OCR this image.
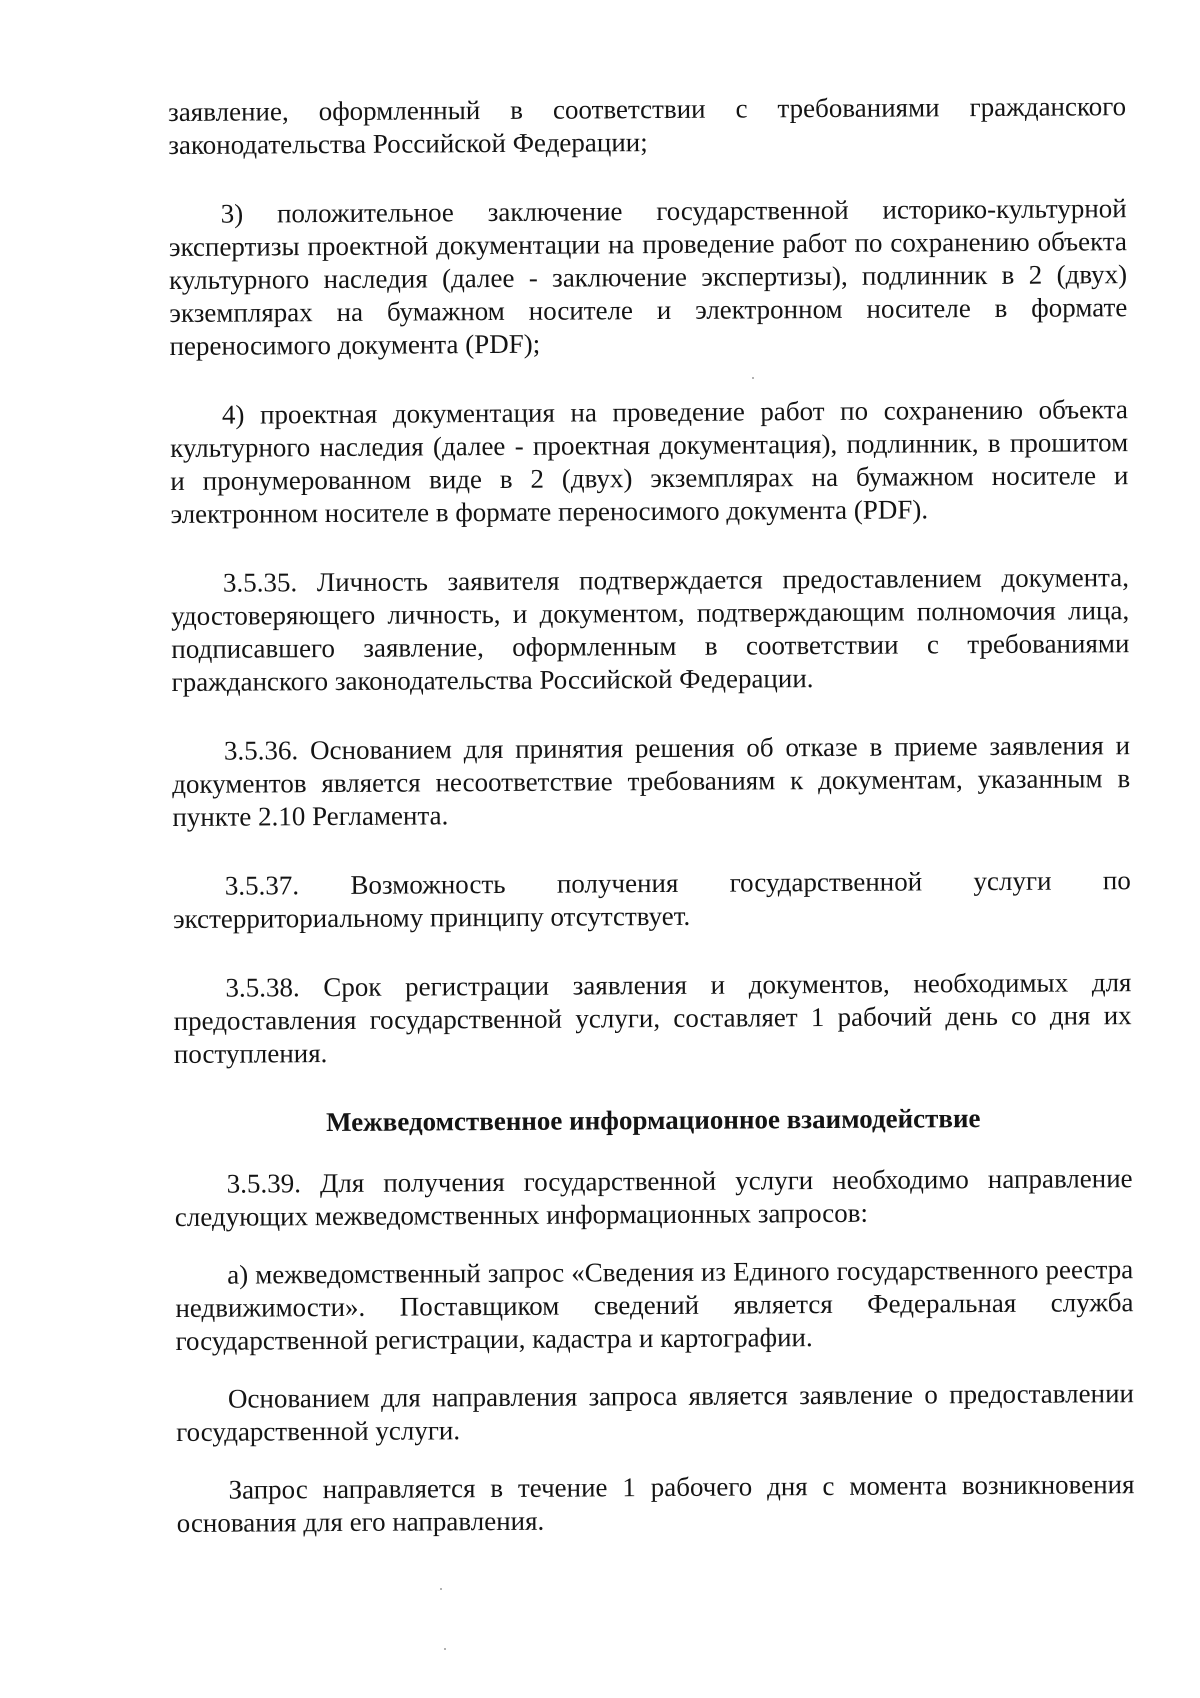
заявление, оформленный в соответствии с требованиями гражданского законодательства Российской Федерации;

3) положительное заключение государственной историко-культурной экспертизы проектной документации на проведение работ по сохранению объекта культурного наследия (далее - заключение экспертизы), подлинник в 2 (двух) экземплярах на бумажном носителе и электронном носителе в формате переносимого документа (PDF);

4) проектная документация на проведение работ по сохранению объекта культурного наследия (далее - проектная документация), подлинник, в прошитом и пронумерованном виде в 2 (двух) экземплярах на бумажном носителе и электронном носителе в формате переносимого документа (PDF).

3.5.35. Личность заявителя подтверждается предоставлением документа, удостоверяющего личность, и документом, подтверждающим полномочия лица, подписавшего заявление, оформленным в соответствии с требованиями гражданского законодательства Российской Федерации.

3.5.36. Основанием для принятия решения об отказе в приеме заявления и документов является несоответствие требованиям к документам, указанным в пункте 2.10 Регламента.

3.5.37. Возможность получения государственной услуги по экстерриториальному принципу отсутствует.

3.5.38. Срок регистрации заявления и документов, необходимых для предоставления государственной услуги, составляет 1 рабочий день со дня их поступления.

Межведомственное информационное взаимодействие

3.5.39. Для получения государственной услуги необходимо направление следующих межведомственных информационных запросов:

а) межведомственный запрос «Сведения из Единого государственного реестра недвижимости». Поставщиком сведений является Федеральная служба государственной регистрации, кадастра и картографии.

Основанием для направления запроса является заявление о предоставлении государственной услуги.

Запрос направляется в течение 1 рабочего дня с момента возникновения основания для его направления.
